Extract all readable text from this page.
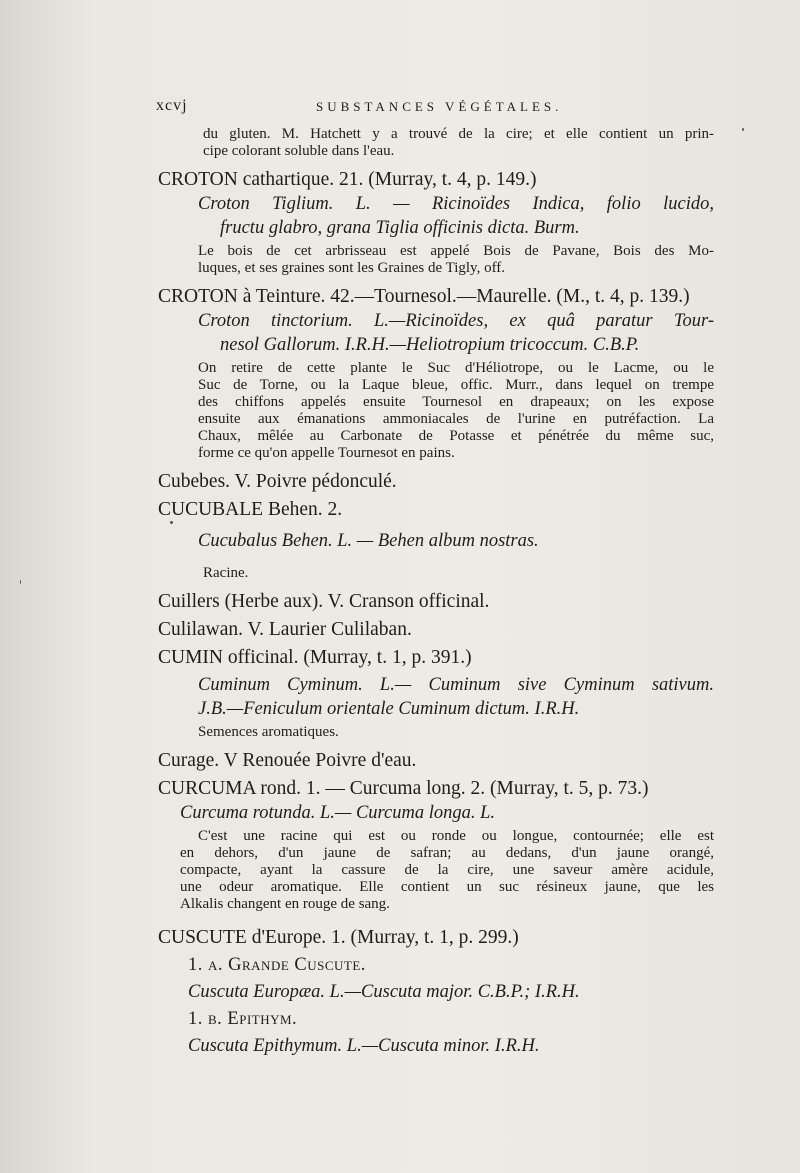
xcvj	SUBSTANCES VÉGÉTALES.
du gluten. M. Hatchett y a trouvé de la cire; et elle contient un prin-
cipe colorant soluble dans l'eau.
CROTON cathartique. 21. (Murray, t. 4, p. 149.)
Croton Tiglium. L. — Ricinoïdes Indica, folio lucido,
fructu glabro, grana Tiglia officinis dicta. Burm.
Le bois de cet arbrisseau est appelé Bois de Pavane, Bois des Mo-
luques, et ses graines sont les Graines de Tigly, off.
CROTON à Teinture. 42.—Tournesol.—Maurelle. (M., t. 4, p. 139.)
Croton tinctorium. L.—Ricinoïdes, ex quâ paratur Tour-
nesol Gallorum. I.R.H.—Heliotropium tricoccum. C.B.P.
On retire de cette plante le Suc d'Héliotrope, ou le Lacme, ou le
Suc de Torne, ou la Laque bleue, offic. Murr., dans lequel on trempe
des chiffons appelés ensuite Tournesol en drapeaux; on les expose
ensuite aux émanations ammoniacales de l'urine en putréfaction. La
Chaux, mêlée au Carbonate de Potasse et pénétrée du même suc,
forme ce qu'on appelle Tournesot en pains.
Cubebes. V. Poivre pédonculé.
CUCUBALE Behen. 2.
Cucubalus Behen. L. — Behen album nostras.
Racine.
Cuillers (Herbe aux). V. Cranson officinal.
Culilawan. V. Laurier Culilaban.
CUMIN officinal. (Murray, t. 1, p. 391.)
Cuminum Cyminum. L.— Cuminum sive Cyminum sativum.
J.B.—Feniculum orientale Cuminum dictum. I.R.H.
Semences aromatiques.
Curage. V Renouée Poivre d'eau.
CURCUMA rond. 1. — Curcuma long. 2. (Murray, t. 5, p. 73.)
Curcuma rotunda. L.— Curcuma longa. L.
C'est une racine qui est ou ronde ou longue, contournée; elle est
en dehors, d'un jaune de safran; au dedans, d'un jaune orangé,
compacte, ayant la cassure de la cire, une saveur amère acidule,
une odeur aromatique. Elle contient un suc résineux jaune, que les
Alkalis changent en rouge de sang.
CUSCUTE d'Europe. 1. (Murray, t. 1, p. 299.)
1. α. Grande Cuscute.
Cuscuta Europæa. L.—Cuscuta major. C.B.P.; I.R.H.
1. ϐ. Epithym.
Cuscuta Epithymum. L.—Cuscuta minor. I.R.H.
